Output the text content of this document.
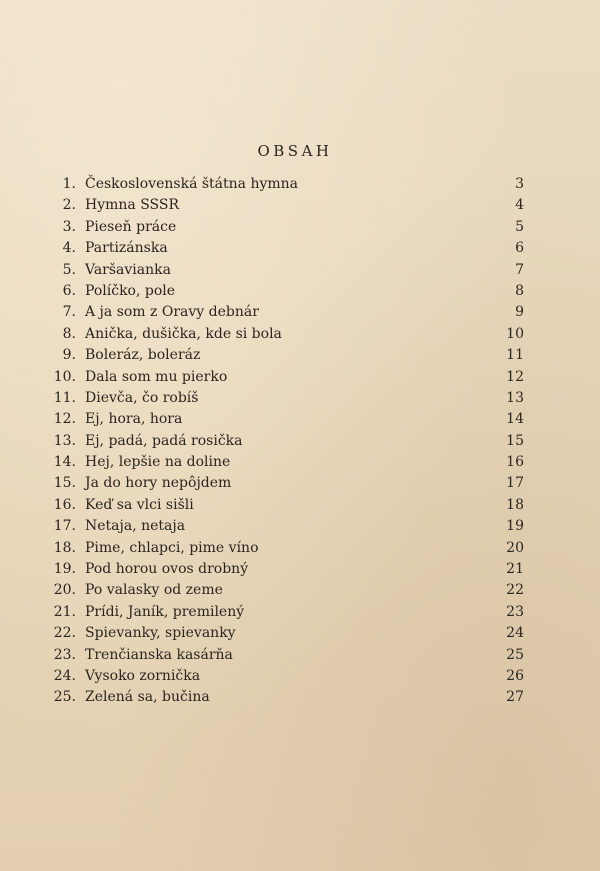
OBSAH
1. Československá štátna hymna	3
2. Hymna SSSR	4
3. Pieseň práce	5
4. Partizánska	6
5. Varšavianka	7
6. Políčko, pole	8
7. A ja som z Oravy debnár	9
8. Anička, dušička, kde si bola	10
9. Boleráz, boleráz	11
10. Dala som mu pierko	12
11. Dievča, čo robíš	13
12. Ej, hora, hora	14
13. Ej, padá, padá rosička	15
14. Hej, lepšie na doline	16
15. Ja do hory nepôjdem	17
16. Keď sa vlci sišli	18
17. Netaja, netaja	19
18. Pime, chlapci, pime víno	20
19. Pod horou ovos drobný	21
20. Po valasky od zeme	22
21. Prídi, Janík, premilený	23
22. Spievanky, spievanky	24
23. Trenčianska kasárňa	25
24. Vysoko zornička	26
25. Zelená sa, bučina	27
